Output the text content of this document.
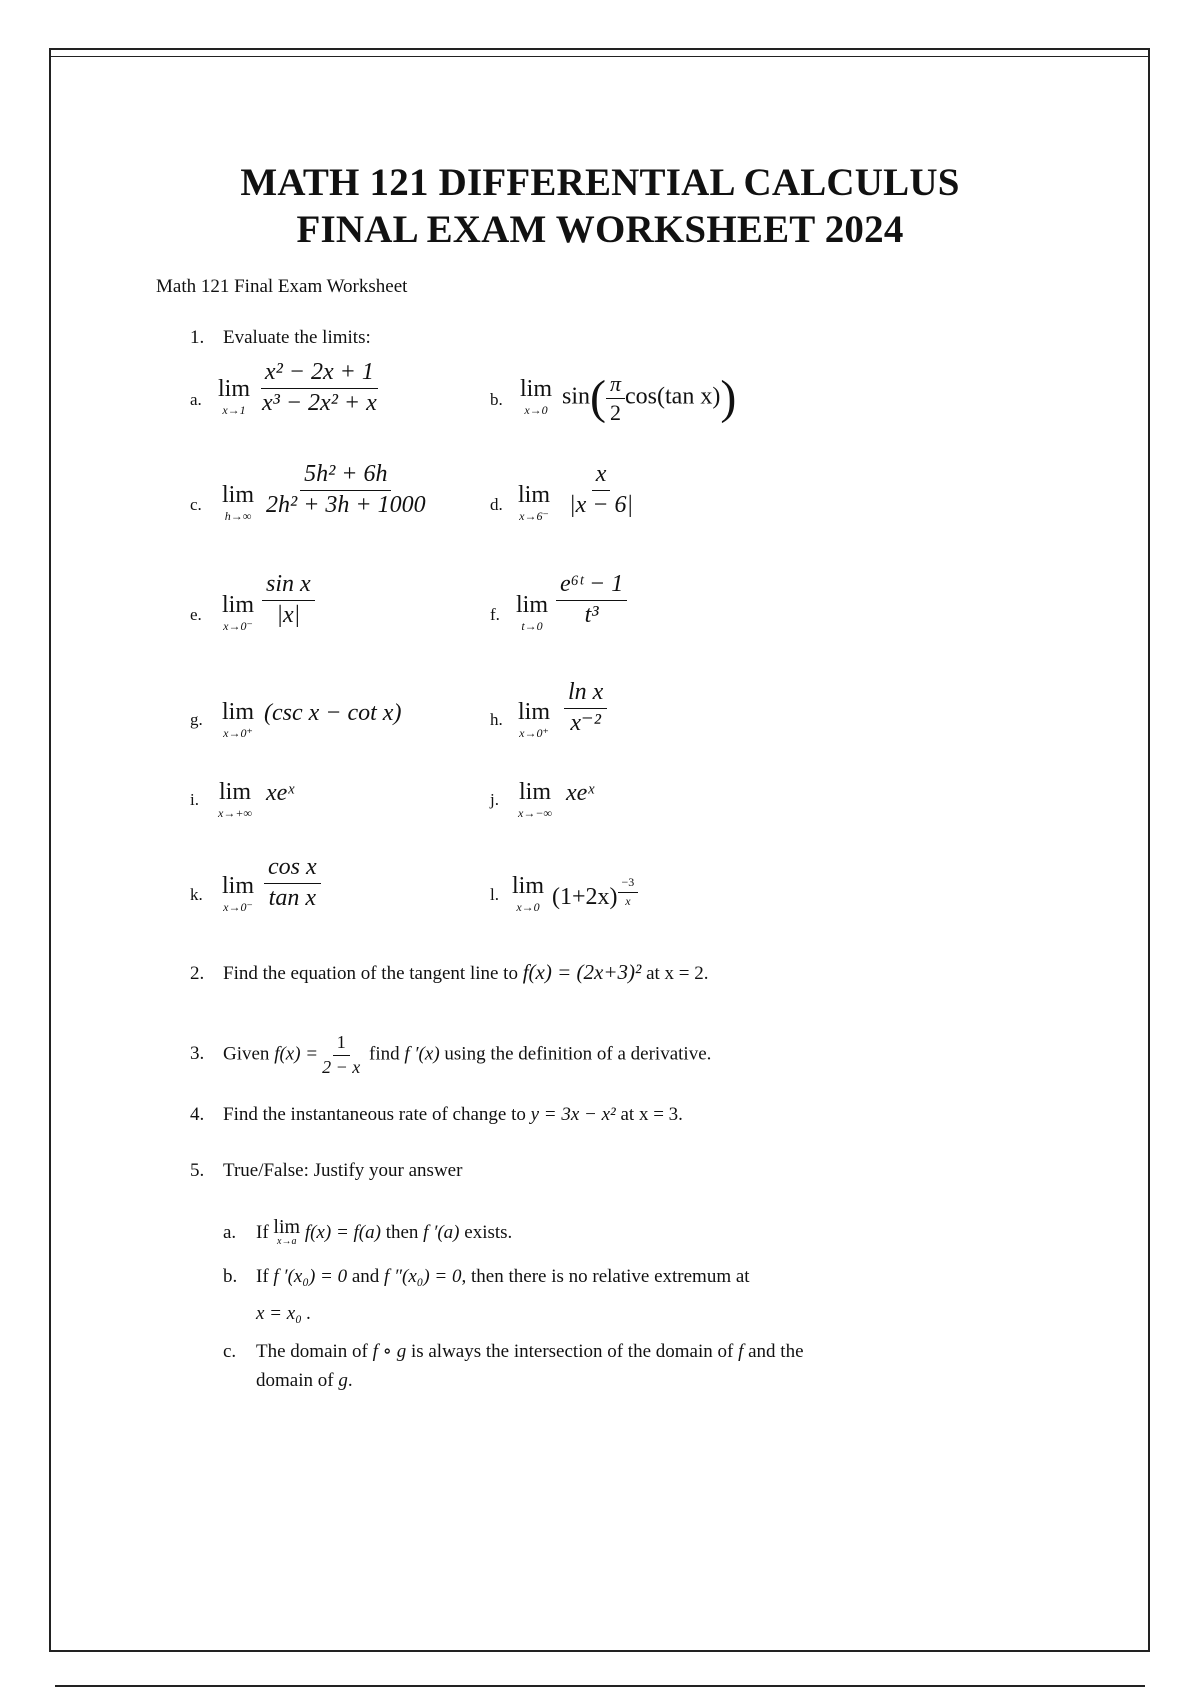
MATH 121 DIFFERENTIAL CALCULUS
FINAL EXAM WORKSHEET 2024
Math 121 Final Exam Worksheet
1. Evaluate the limits:
a. lim
$x\to 1 \frac{\text{x² − 2x + 1}}{\text{x³ − 2x² + x}}$	b. lim
x→0
$\sin( \frac{\pi}{2} \cos(\tan$ x))
c. lim
$h\to\infty \frac{\text{5h² + 6h}}{\text{2h² + 3h + 1000}}$	d. lim
$x\to 6^- \frac{x}{|x - 6|}$
e. lim
$x\to 0^- \frac{\text{sin x}}{|x|}$	f. lim
$t\to 0 \frac{\text{e⁶ᵗ − 1}}{\text{t³}}$
g. lim
x→0⁺
(csc x − cot x)	h. lim
$x\to 0^+ \frac{\text{ln x}}{\text{x⁻²}}$
i. lim
x→+∞
xeˣ	j. lim
x→−∞
xeˣ
k. lim
$x\to 0^- \frac{\text{cos x}}{\text{tan x}}$	l. lim
x→0 $(1+2x) \frac{-3}{x}$
2. Find the equation of the tangent line to f(x) = (2x+3)² at x = 2.
3. Given $f(x) = \frac{1}{2 - x}$ find f ′(x) using the definition of a derivative.
4. Find the instantaneous rate of change to y = 3x − x² at x = 3.
5. True/False: Justify your answer
a. If lim
x→a f(x) = f(a) then f ′(a) exists.
b. If f ′(x₀) = 0 and f ″(x₀) = 0, then there is no relative extremum at
x = x₀ .
c. The domain of f ∘ g is always the intersection of the domain of f and the
domain of g.
